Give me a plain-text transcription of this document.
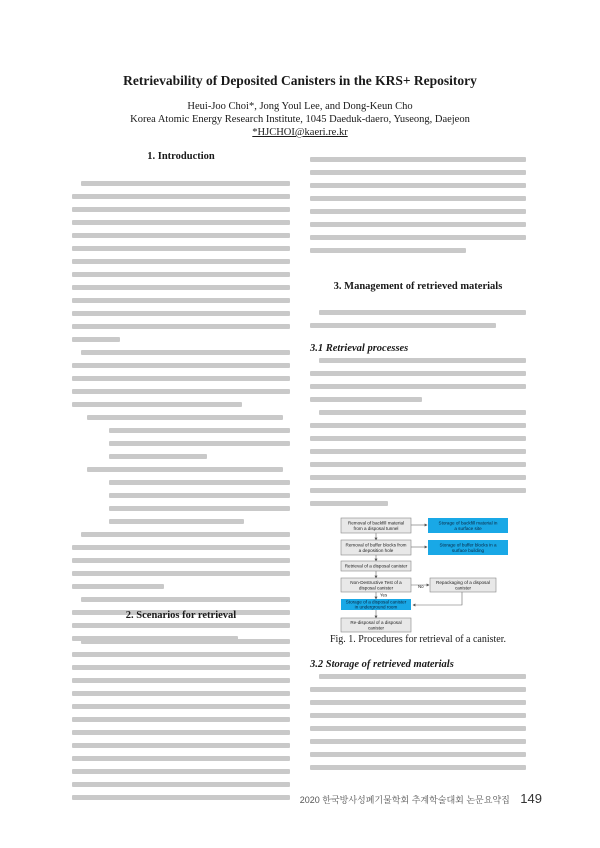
Retrievability of Deposited Canisters in the KRS+ Repository
Heui-Joo Choi*, Jong Youl Lee, and Dong-Keun Cho
Korea Atomic Energy Research Institute, 1045 Daeduk-daero, Yuseong, Daejeon
*HJCHOI@kaeri.re.kr
1. Introduction
2. Scenarios for retrieval
3. Management of retrieved materials
3.1 Retrieval processes
Removal of backfill material
from a disposal tunnel
Storage of backfill material in
a surface site
Removal of buffer blocks from
a deposition hole
Storage of buffer blocks in a
surface building
Retrieval of a disposal canister
Non-Destructive Test of a
disposal canister	No
Yes
Repackaging of a disposal
canister
Storage of a disposal canister
in underground room
Re-disposal of a disposal
canister
Fig. 1. Procedures for retrieval of a canister.
3.2 Storage of retrieved materials
2020 한국방사성폐기물학회 추계학술대회 논문요약집 149
